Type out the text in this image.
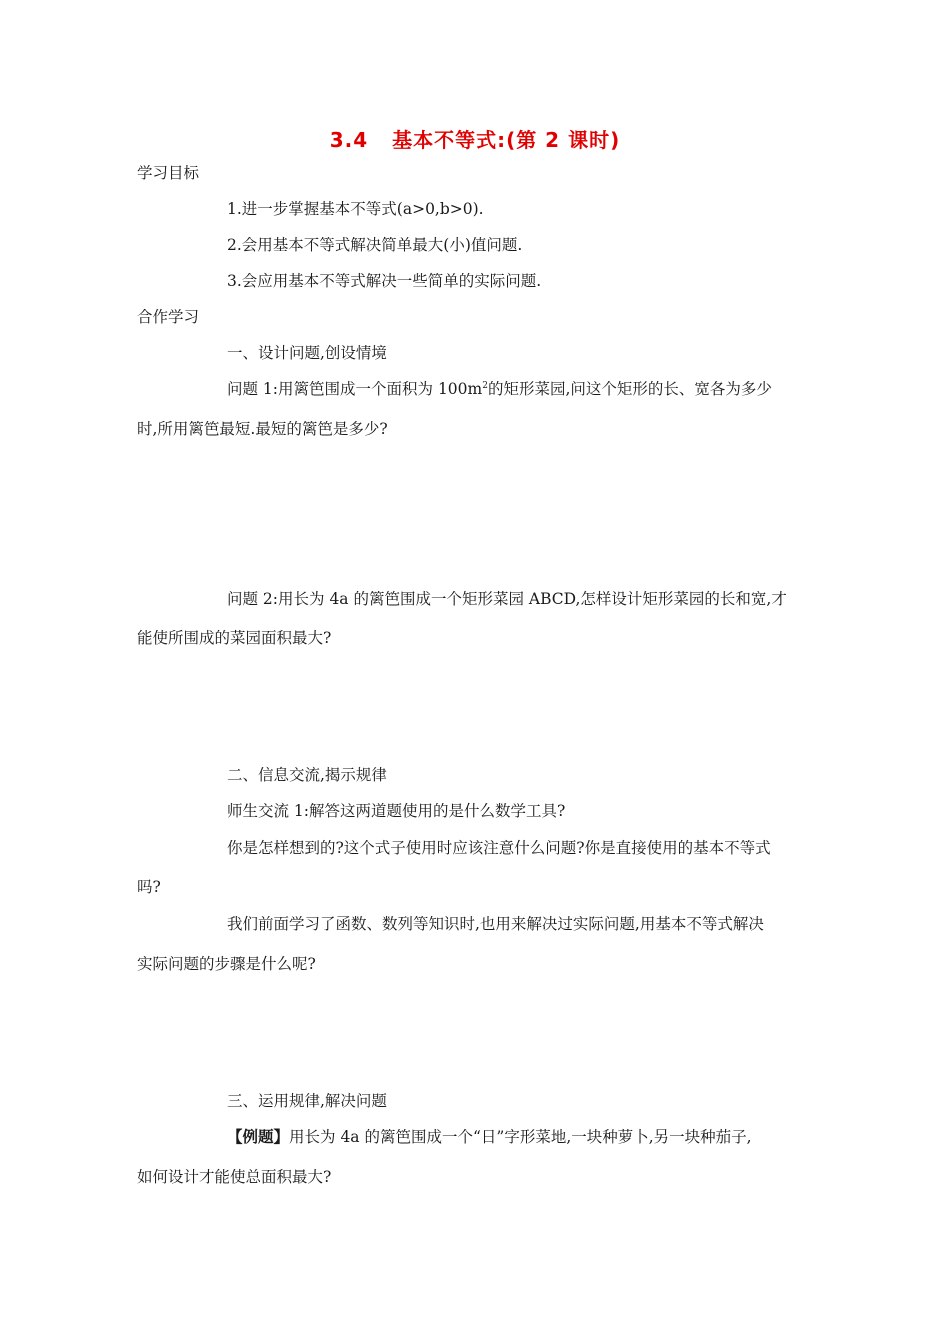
3.4   基本不等式:(第 2 课时)
学习目标
1.进一步掌握基本不等式(a>0,b>0).
2.会用基本不等式解决简单最大(小)值问题.
3.会应用基本不等式解决一些简单的实际问题.
合作学习
一、设计问题,创设情境
问题 1:用篱笆围成一个面积为 $100m^2$的矩形菜园,问这个矩形的长、宽各为多少
时,所用篱笆最短.最短的篱笆是多少?
问题 2:用长为 4a 的篱笆围成一个矩形菜园 ABCD,怎样设计矩形菜园的长和宽,才
能使所围成的菜园面积最大?
二、信息交流,揭示规律
师生交流 1:解答这两道题使用的是什么数学工具?
你是怎样想到的?这个式子使用时应该注意什么问题?你是直接使用的基本不等式
吗?
我们前面学习了函数、数列等知识时,也用来解决过实际问题,用基本不等式解决
实际问题的步骤是什么呢?
三、运用规律,解决问题
【例题】用长为 4a 的篱笆围成一个“日”字形菜地,一块种萝卜,另一块种茄子,
如何设计才能使总面积最大?
